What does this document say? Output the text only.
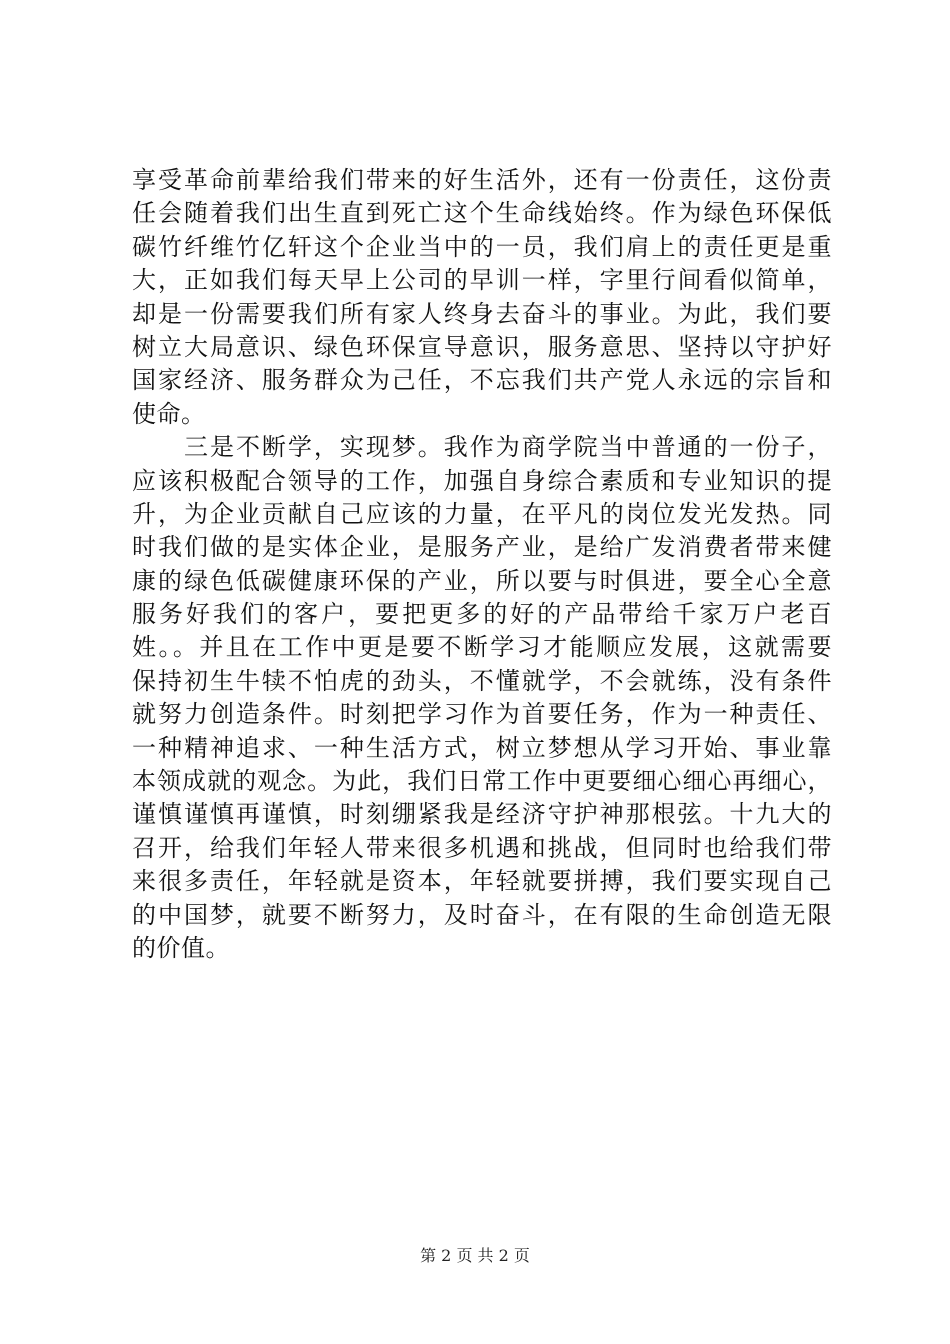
享受革命前辈给我们带来的好生活外，还有一份责任，这份责
任会随着我们出生直到死亡这个生命线始终。作为绿色环保低
碳竹纤维竹亿轩这个企业当中的一员，我们肩上的责任更是重
大，正如我们每天早上公司的早训一样，字里行间看似简单，
却是一份需要我们所有家人终身去奋斗的事业。为此，我们要
树立大局意识、绿色环保宣导意识，服务意思、坚持以守护好
国家经济、服务群众为己任，不忘我们共产党人永远的宗旨和
使命。
三是不断学，实现梦。我作为商学院当中普通的一份子，
应该积极配合领导的工作，加强自身综合素质和专业知识的提
升，为企业贡献自己应该的力量，在平凡的岗位发光发热。同
时我们做的是实体企业，是服务产业，是给广发消费者带来健
康的绿色低碳健康环保的产业，所以要与时俱进，要全心全意
服务好我们的客户，要把更多的好的产品带给千家万户老百
姓。。并且在工作中更是要不断学习才能顺应发展，这就需要
保持初生牛犊不怕虎的劲头，不懂就学，不会就练，没有条件
就努力创造条件。时刻把学习作为首要任务，作为一种责任、
一种精神追求、一种生活方式，树立梦想从学习开始、事业靠
本领成就的观念。为此，我们日常工作中更要细心细心再细心，
谨慎谨慎再谨慎，时刻绷紧我是经济守护神那根弦。十九大的
召开，给我们年轻人带来很多机遇和挑战，但同时也给我们带
来很多责任，年轻就是资本，年轻就要拼搏，我们要实现自己
的中国梦，就要不断努力，及时奋斗，在有限的生命创造无限
的价值。
第 2 页 共 2 页
